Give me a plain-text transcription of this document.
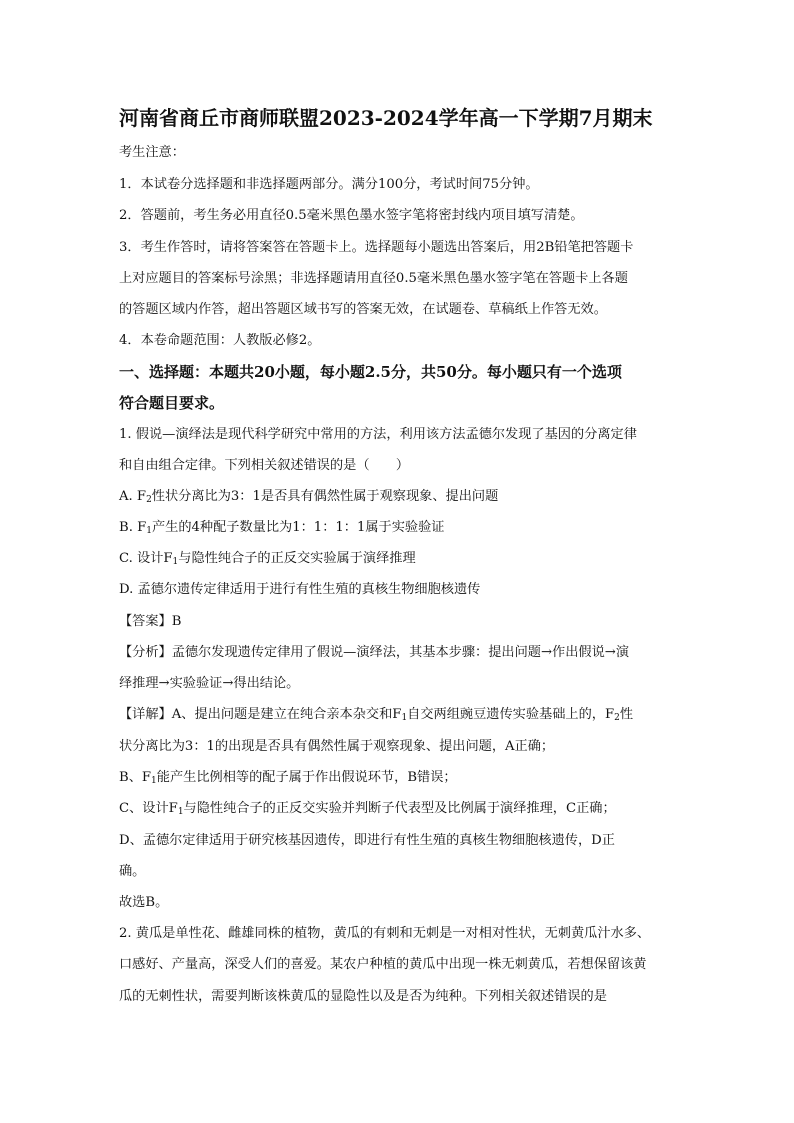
河南省商丘市商师联盟2023-2024学年高一下学期7月期末
考生注意：
1．本试卷分选择题和非选择题两部分。满分100分，考试时间75分钟。
2．答题前，考生务必用直径0.5毫米黑色墨水签字笔将密封线内项目填写清楚。
3．考生作答时，请将答案答在答题卡上。选择题每小题选出答案后，用2B铅笔把答题卡
上对应题目的答案标号涂黑；非选择题请用直径0.5毫米黑色墨水签字笔在答题卡上各题
的答题区域内作答，超出答题区域书写的答案无效，在试题卷、草稿纸上作答无效。
4．本卷命题范围：人教版必修2。
一、选择题：本题共20小题，每小题2.5分，共50分。每小题只有一个选项
符合题目要求。
1. 假说—演绎法是现代科学研究中常用的方法，利用该方法孟德尔发现了基因的分离定律
和自由组合定律。下列相关叙述错误的是（　　）
A. $F_2$性状分离比为3：1是否具有偶然性属于观察现象、提出问题
B. $F_1$产生的4种配子数量比为1：1：1：1属于实验验证
C. 设计$F_1$与隐性纯合子的正反交实验属于演绎推理
D. 孟德尔遗传定律适用于进行有性生殖的真核生物细胞核遗传
【答案】B
【分析】孟德尔发现遗传定律用了假说—演绎法，其基本步骤：提出问题→作出假说→演
绎推理→实验验证→得出结论。
【详解】A、提出问题是建立在纯合亲本杂交和$F_1$自交两组豌豆遗传实验基础上的，$F_2$性
状分离比为3：1的出现是否具有偶然性属于观察现象、提出问题，A正确；
B、$F_1$能产生比例相等的配子属于作出假说环节，B错误；
C、设计$F_1$与隐性纯合子的正反交实验并判断子代表型及比例属于演绎推理，C正确；
D、孟德尔定律适用于研究核基因遗传，即进行有性生殖的真核生物细胞核遗传，D正
确。
故选B。
2. 黄瓜是单性花、雌雄同株的植物，黄瓜的有刺和无刺是一对相对性状，无刺黄瓜汁水多、
口感好、产量高，深受人们的喜爱。某农户种植的黄瓜中出现一株无刺黄瓜，若想保留该黄
瓜的无刺性状，需要判断该株黄瓜的显隐性以及是否为纯种。下列相关叙述错误的是
